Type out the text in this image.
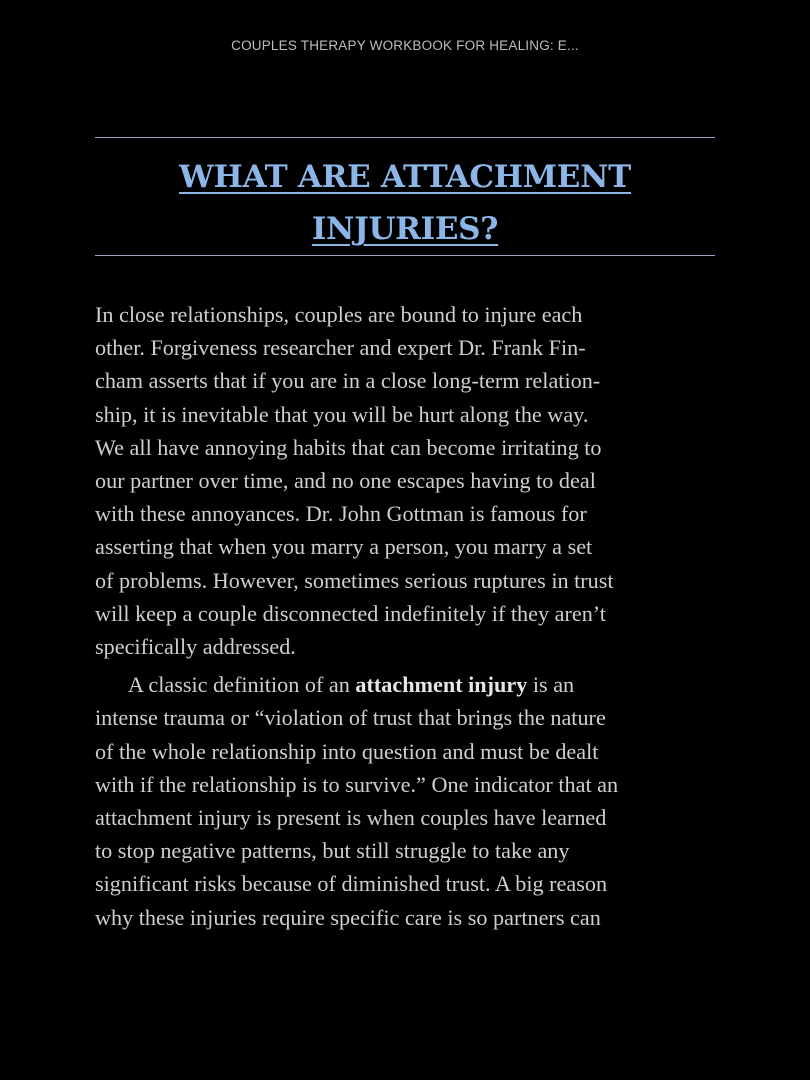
COUPLES THERAPY WORKBOOK FOR HEALING: E...
WHAT ARE ATTACHMENT
INJURIES?

In close relationships, couples are bound to injure each
other. Forgiveness researcher and expert Dr. Frank Fin-
cham asserts that if you are in a close long-term relation-
ship, it is inevitable that you will be hurt along the way.
We all have annoying habits that can become irritating to
our partner over time, and no one escapes having to deal
with these annoyances. Dr. John Gottman is famous for
asserting that when you marry a person, you marry a set
of problems. However, sometimes serious ruptures in trust
will keep a couple disconnected indefinitely if they aren’t
specifically addressed.

A classic definition of an attachment injury is an
intense trauma or “violation of trust that brings the nature
of the whole relationship into question and must be dealt
with if the relationship is to survive.” One indicator that an
attachment injury is present is when couples have learned
to stop negative patterns, but still struggle to take any
significant risks because of diminished trust. A big reason
why these injuries require specific care is so partners can
